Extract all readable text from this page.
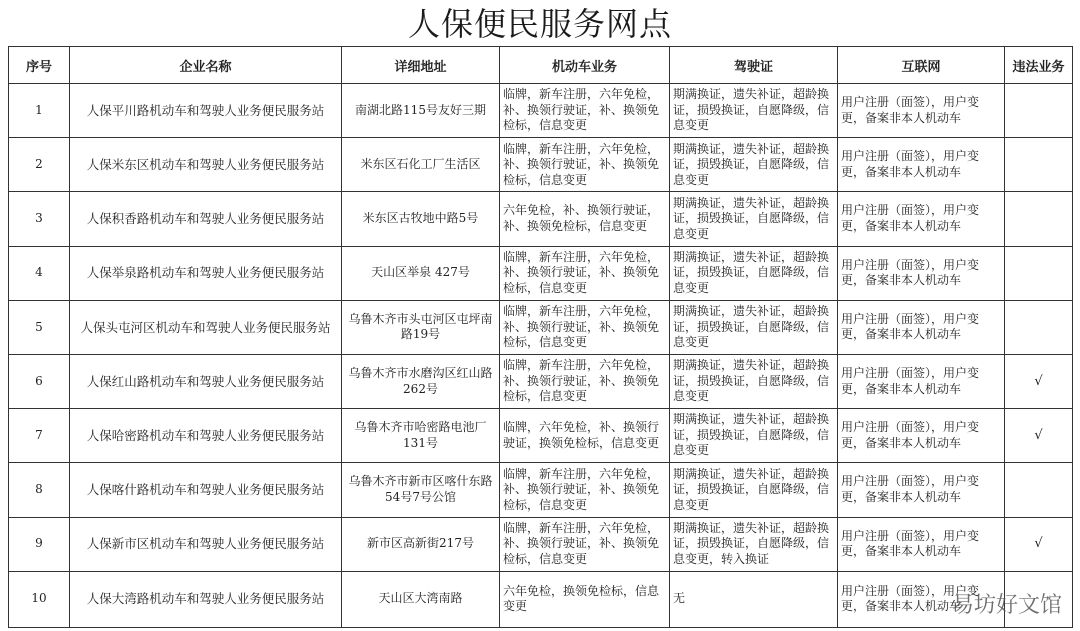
人保便民服务网点
序号	企业名称	详细地址	机动车业务	驾驶证	互联网	违法业务
1	人保平川路机动车和驾驶人业务便民服务站	南湖北路115号友好三期	临牌，新车注册，六年免检，补、换领行驶证，补、换领免检标，信息变更	期满换证，遗失补证，超龄换证，损毁换证，自愿降级，信息变更	用户注册（面签），用户变更，备案非本人机动车	
2	人保米东区机动车和驾驶人业务便民服务站	米东区石化工厂生活区	临牌，新车注册，六年免检，补、换领行驶证，补、换领免检标，信息变更	期满换证，遗失补证，超龄换证，损毁换证，自愿降级，信息变更	用户注册（面签），用户变更，备案非本人机动车	
3	人保积香路机动车和驾驶人业务便民服务站	米东区古牧地中路5号	六年免检，补、换领行驶证，补、换领免检标，信息变更	期满换证，遗失补证，超龄换证，损毁换证，自愿降级，信息变更	用户注册（面签），用户变更，备案非本人机动车	
4	人保举泉路机动车和驾驶人业务便民服务站	天山区举泉 427号	临牌，新车注册，六年免检，补、换领行驶证，补、换领免检标，信息变更	期满换证，遗失补证，超龄换证，损毁换证，自愿降级，信息变更	用户注册（面签），用户变更，备案非本人机动车	
5	人保头屯河区机动车和驾驶人业务便民服务站	乌鲁木齐市头屯河区屯坪南路19号	临牌，新车注册，六年免检，补、换领行驶证，补、换领免检标，信息变更	期满换证，遗失补证，超龄换证，损毁换证，自愿降级，信息变更	用户注册（面签），用户变更，备案非本人机动车	
6	人保红山路机动车和驾驶人业务便民服务站	乌鲁木齐市水磨沟区红山路262号	临牌，新车注册，六年免检，补、换领行驶证，补、换领免检标，信息变更	期满换证，遗失补证，超龄换证，损毁换证，自愿降级，信息变更	用户注册（面签），用户变更，备案非本人机动车	√
7	人保哈密路机动车和驾驶人业务便民服务站	乌鲁木齐市哈密路电池厂131号	临牌，六年免检，补、换领行驶证，换领免检标，信息变更	期满换证，遗失补证，超龄换证，损毁换证，自愿降级，信息变更	用户注册（面签），用户变更，备案非本人机动车	√
8	人保喀什路机动车和驾驶人业务便民服务站	乌鲁木齐市新市区喀什东路54号7号公馆	临牌，新车注册，六年免检，补、换领行驶证，补、换领免检标，信息变更	期满换证，遗失补证，超龄换证，损毁换证，自愿降级，信息变更	用户注册（面签），用户变更，备案非本人机动车	
9	人保新市区机动车和驾驶人业务便民服务站	新市区高新街217号	临牌，新车注册，六年免检，补、换领行驶证，补、换领免检标，信息变更	期满换证，遗失补证，超龄换证，损毁换证，自愿降级，信息变更，转入换证	用户注册（面签），用户变更，备案非本人机动车	√
10	人保大湾路机动车和驾驶人业务便民服务站	天山区大湾南路	六年免检，换领免检标，信息变更	无	用户注册（面签），用户变更，备案非本人机动车	
易坊好文馆
